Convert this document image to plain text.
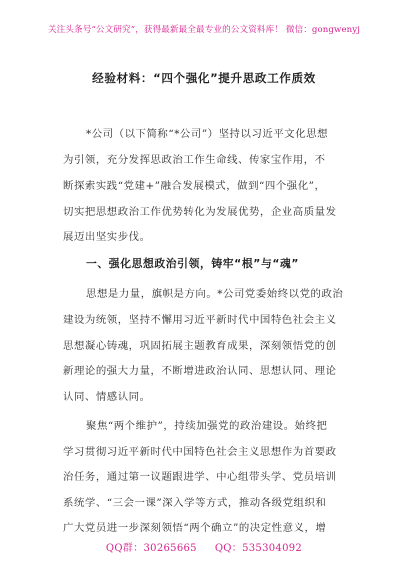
关注头条号“公文研究”，获得最新最全最专业的公文资料库！ 微信：gongwenyj
经验材料：“四个强化”提升思政工作质效
*公司（以下简称“*公司”）坚持以习近平文化思想
为引领，充分发挥思政治工作生命线、传家宝作用，不
断探索实践“党建+”融合发展模式，做到“四个强化”，
切实把思想政治工作优势转化为发展优势，企业高质量发
展迈出坚实步伐。
一、强化思想政治引领，铸牢“根”与“魂”
思想是力量，旗帜是方向。*公司党委始终以党的政治
建设为统领，坚持不懈用习近平新时代中国特色社会主义
思想凝心铸魂，巩固拓展主题教育成果，深刻领悟党的创
新理论的强大力量，不断增进政治认同、思想认同、理论
认同、情感认同。
聚焦“两个维护”，持续加强党的政治建设。始终把
学习贯彻习近平新时代中国特色社会主义思想作为首要政
治任务，通过第一议题跟进学、中心组带头学、党员培训
系统学、“三会一课”深入学等方式，推动各级党组织和
广大党员进一步深刻领悟“两个确立”的决定性意义，增
QQ群：30265665 QQ：535304092
